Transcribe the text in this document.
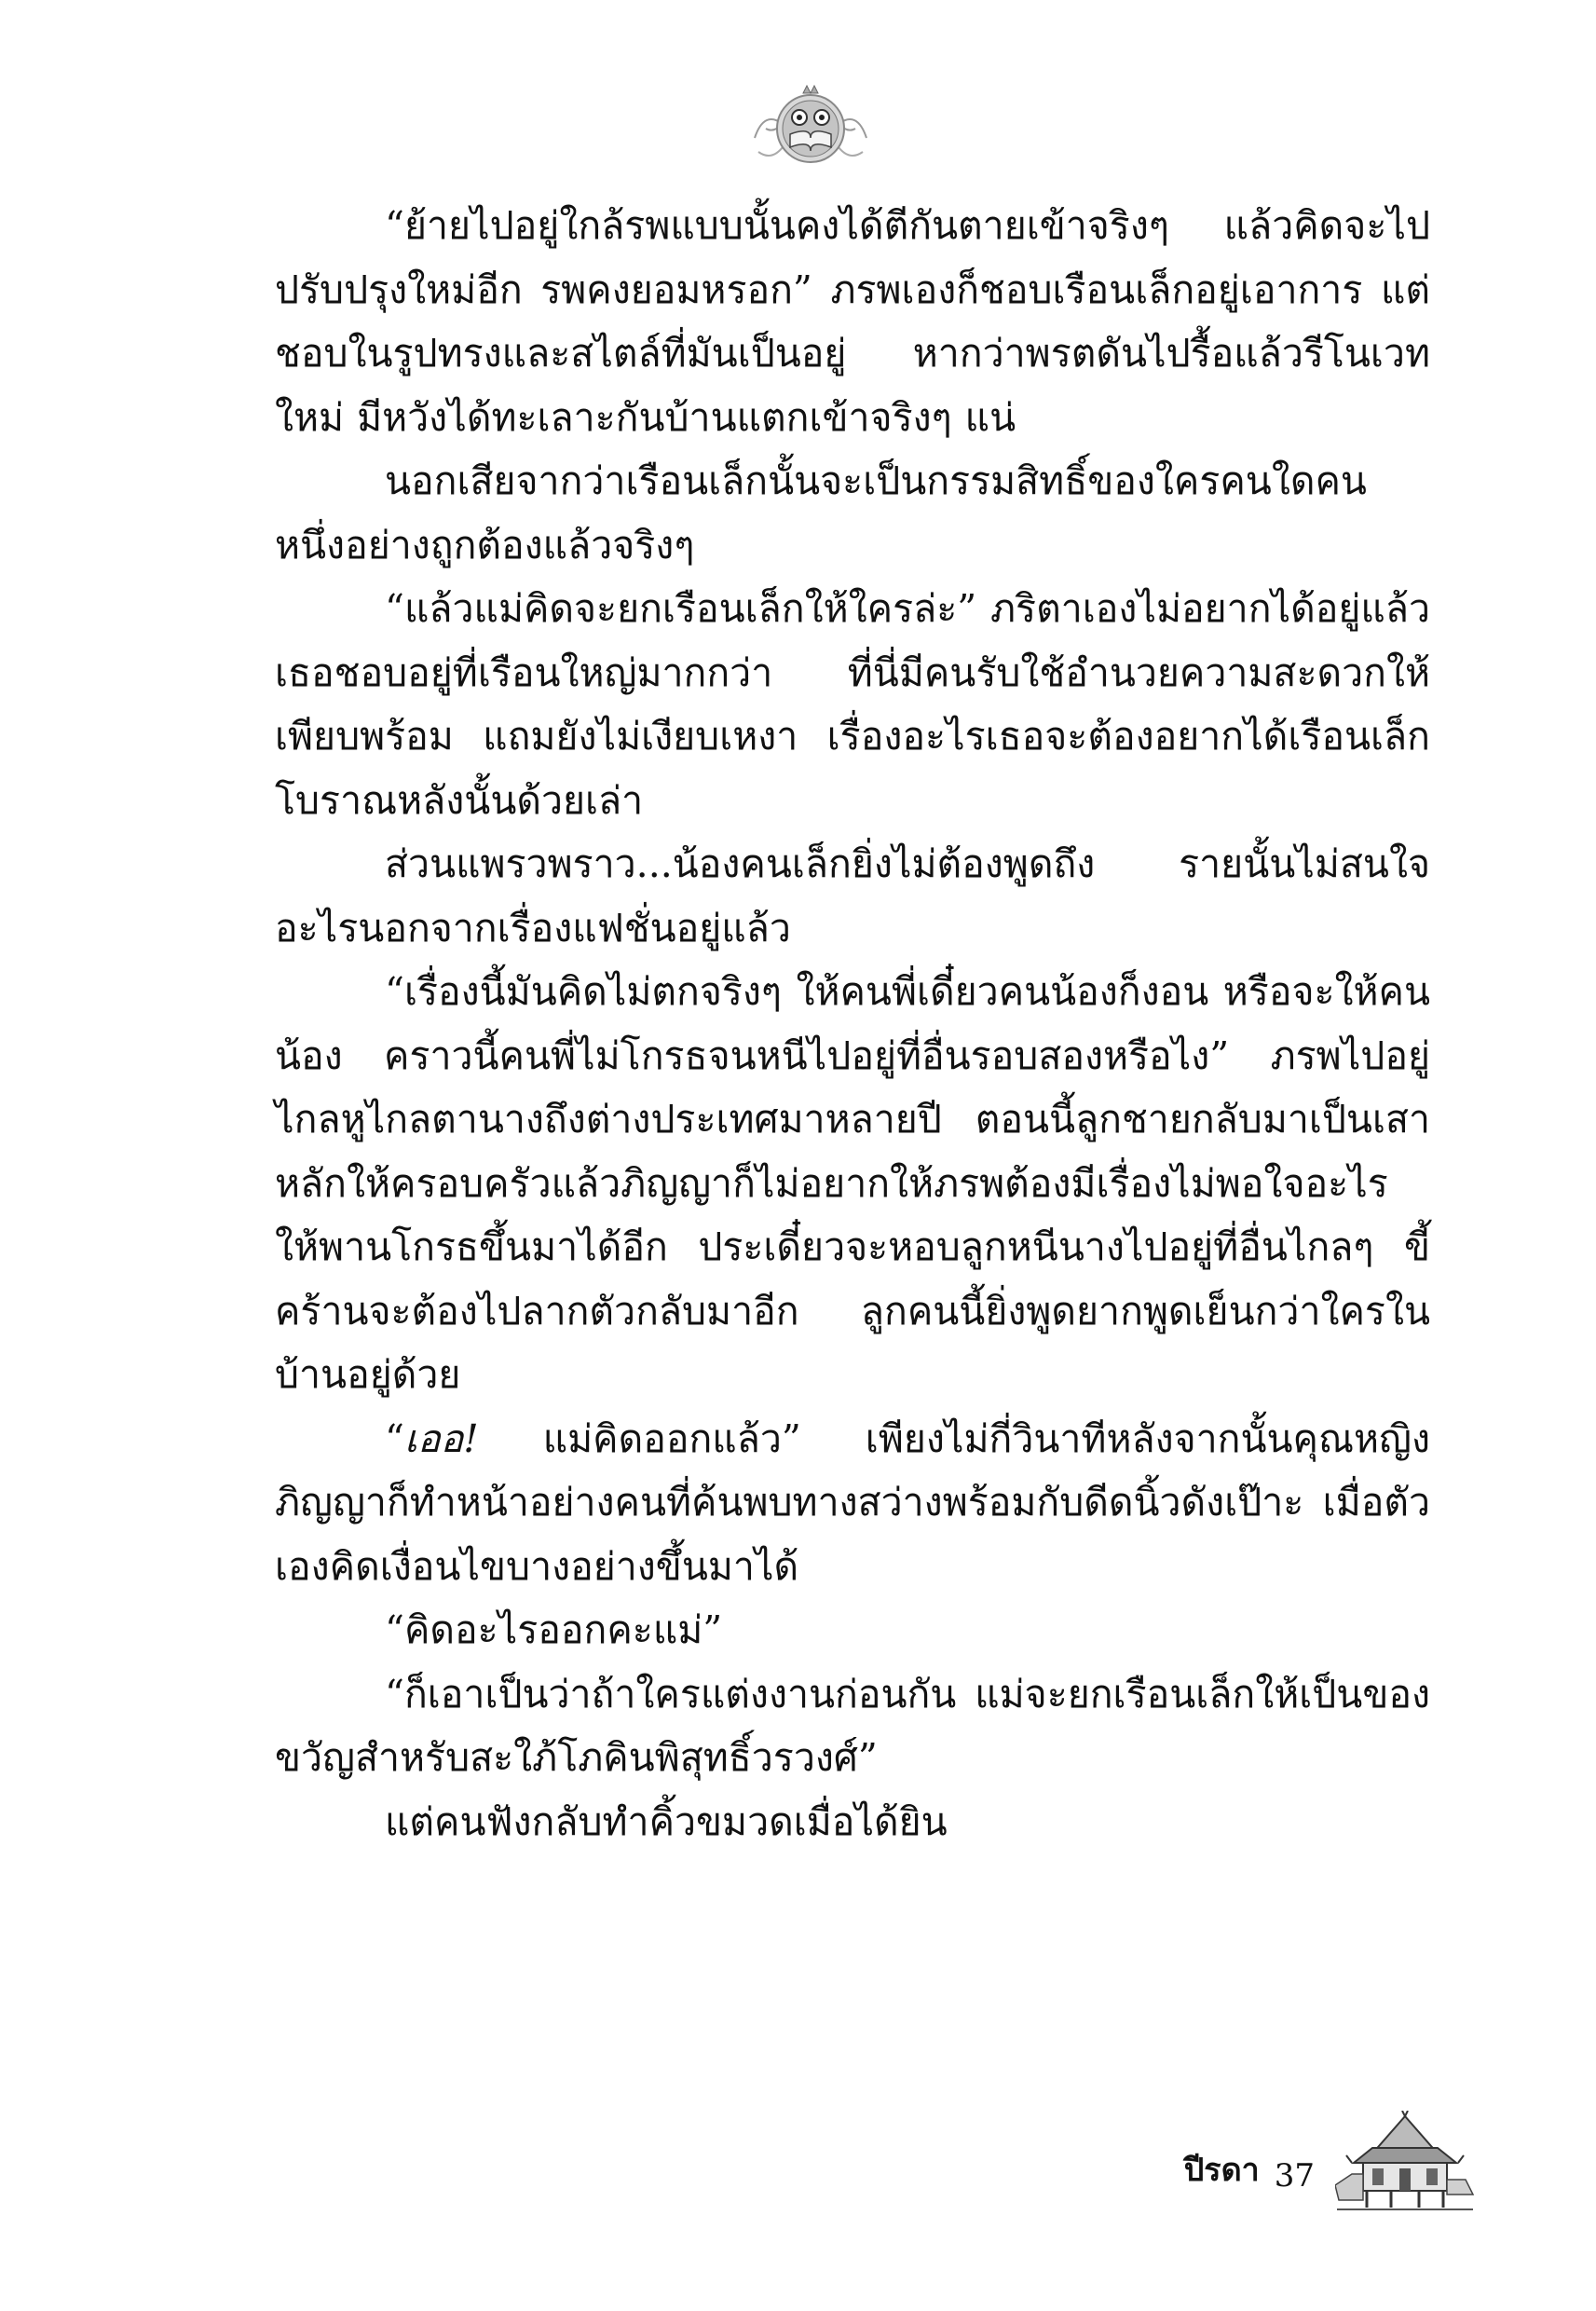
“ย้ายไปอยู่ใกล้รพแบบนั้นคงได้ตีกันตายเข้าจริงๆ แล้วคิดจะไปปรับปรุงใหม่อีก รพคงยอมหรอก” ภรพเองก็ชอบเรือนเล็กอยู่เอาการ แต่ชอบในรูปทรงและสไตล์ที่มันเป็นอยู่ หากว่าพรตดันไปรื้อแล้วรีโนเวทใหม่ มีหวังได้ทะเลาะกันบ้านแตกเข้าจริงๆ แน่

นอกเสียจากว่าเรือนเล็กนั้นจะเป็นกรรมสิทธิ์ของใครคนใดคนหนึ่งอย่างถูกต้องแล้วจริงๆ

“แล้วแม่คิดจะยกเรือนเล็กให้ใครล่ะ” ภริตาเองไม่อยากได้อยู่แล้ว เธอชอบอยู่ที่เรือนใหญ่มากกว่า ที่นี่มีคนรับใช้อำนวยความสะดวกให้เพียบพร้อม แถมยังไม่เงียบเหงา เรื่องอะไรเธอจะต้องอยากได้เรือนเล็กโบราณหลังนั้นด้วยเล่า

ส่วนแพรวพราว...น้องคนเล็กยิ่งไม่ต้องพูดถึง รายนั้นไม่สนใจอะไรนอกจากเรื่องแฟชั่นอยู่แล้ว

“เรื่องนี้มันคิดไม่ตกจริงๆ ให้คนพี่เดี๋ยวคนน้องก็งอน หรือจะให้คนน้อง คราวนี้คนพี่ไม่โกรธจนหนีไปอยู่ที่อื่นรอบสองหรือไง” ภรพไปอยู่ไกลหูไกลตานางถึงต่างประเทศมาหลายปี ตอนนี้ลูกชายกลับมาเป็นเสาหลักให้ครอบครัวแล้วภิญญาก็ไม่อยากให้ภรพต้องมีเรื่องไม่พอใจอะไรให้พานโกรธขึ้นมาได้อีก ประเดี๋ยวจะหอบลูกหนีนางไปอยู่ที่อื่นไกลๆ ขี้คร้านจะต้องไปลากตัวกลับมาอีก ลูกคนนี้ยิ่งพูดยากพูดเย็นกว่าใครในบ้านอยู่ด้วย

“เออ! แม่คิดออกแล้ว” เพียงไม่กี่วินาทีหลังจากนั้นคุณหญิงภิญญาก็ทำหน้าอย่างคนที่ค้นพบทางสว่างพร้อมกับดีดนิ้วดังเป๊าะ เมื่อตัวเองคิดเงื่อนไขบางอย่างขึ้นมาได้

“คิดอะไรออกคะแม่”

“ก็เอาเป็นว่าถ้าใครแต่งงานก่อนกัน แม่จะยกเรือนเล็กให้เป็นของขวัญสำหรับสะใภ้โภคินพิสุทธิ์วรวงศ์”

แต่คนฟังกลับทำคิ้วขมวดเมื่อได้ยิน

ปีรดา 37
